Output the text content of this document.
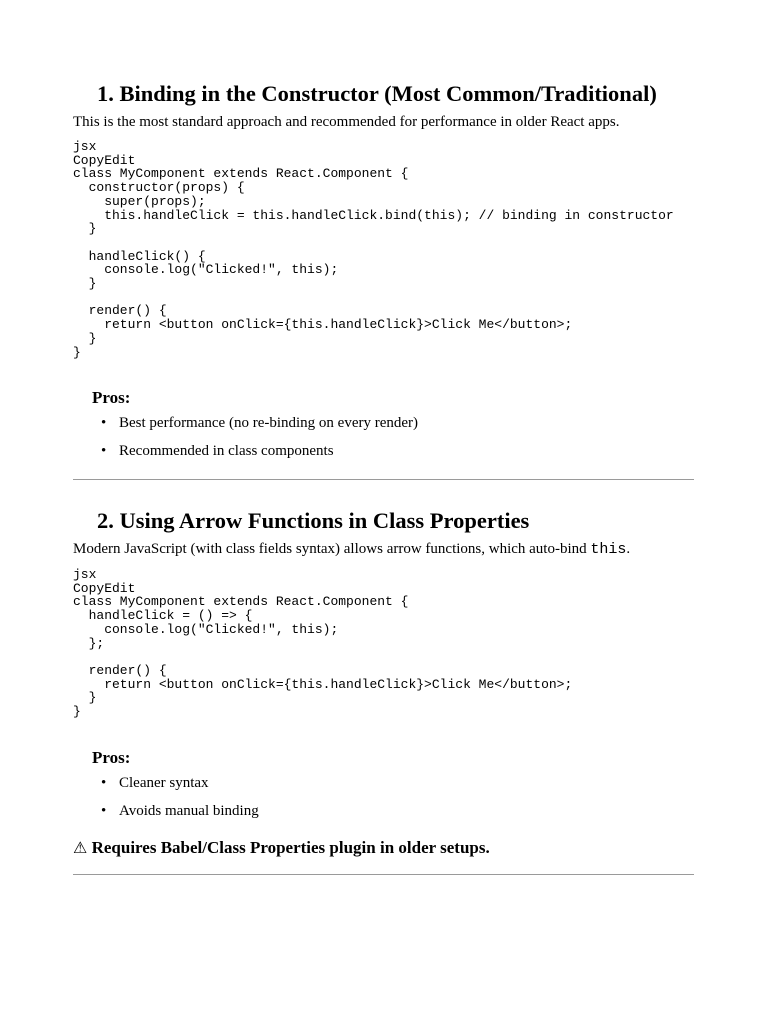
1. Binding in the Constructor (Most Common/Traditional)

This is the most standard approach and recommended for performance in older React apps.

jsx
CopyEdit
class MyComponent extends React.Component {
constructor(props) {
super(props);
this.handleClick = this.handleClick.bind(this); // binding in constructor
}

handleClick() {
console.log("Clicked!", this);
}

render() {
return <button onClick={this.handleClick}>Click Me</button>;
}
}
Pros:
• Best performance (no re-binding on every render)
• Recommended in class components
2. Using Arrow Functions in Class Properties

Modern JavaScript (with class fields syntax) allows arrow functions, which auto-bind this.

jsx
CopyEdit
class MyComponent extends React.Component {
handleClick = () => {
console.log("Clicked!", this);
};

render() {
return <button onClick={this.handleClick}>Click Me</button>;
}
}
Pros:
• Cleaner syntax
• Avoids manual binding

⚠ Requires Babel/Class Properties plugin in older setups.
